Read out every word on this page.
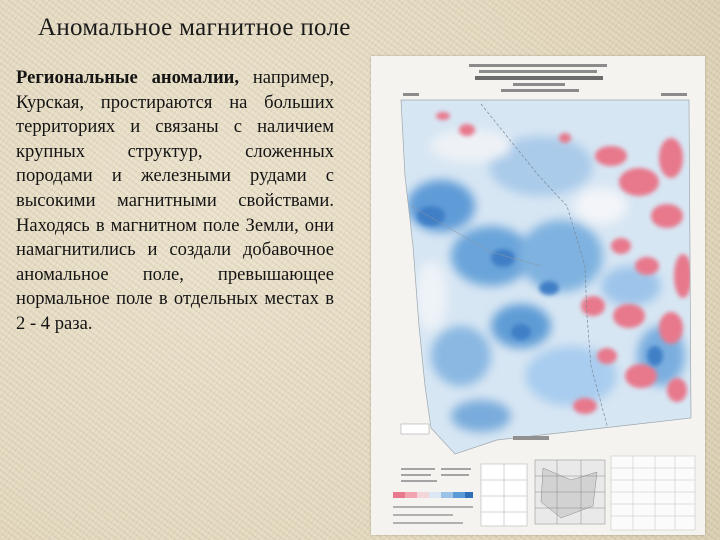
Аномальное магнитное поле
Региональные аномалии, например, Курская, простираются на больших территориях и связаны с наличием крупных структур, сложенных породами и железными рудами с высокими магнитными свойствами. Находясь в магнитном поле Земли, они намагнитились и создали добавочное аномальное поле, превышающее нормальное поле в отдельных местах в 2 - 4 раза.
